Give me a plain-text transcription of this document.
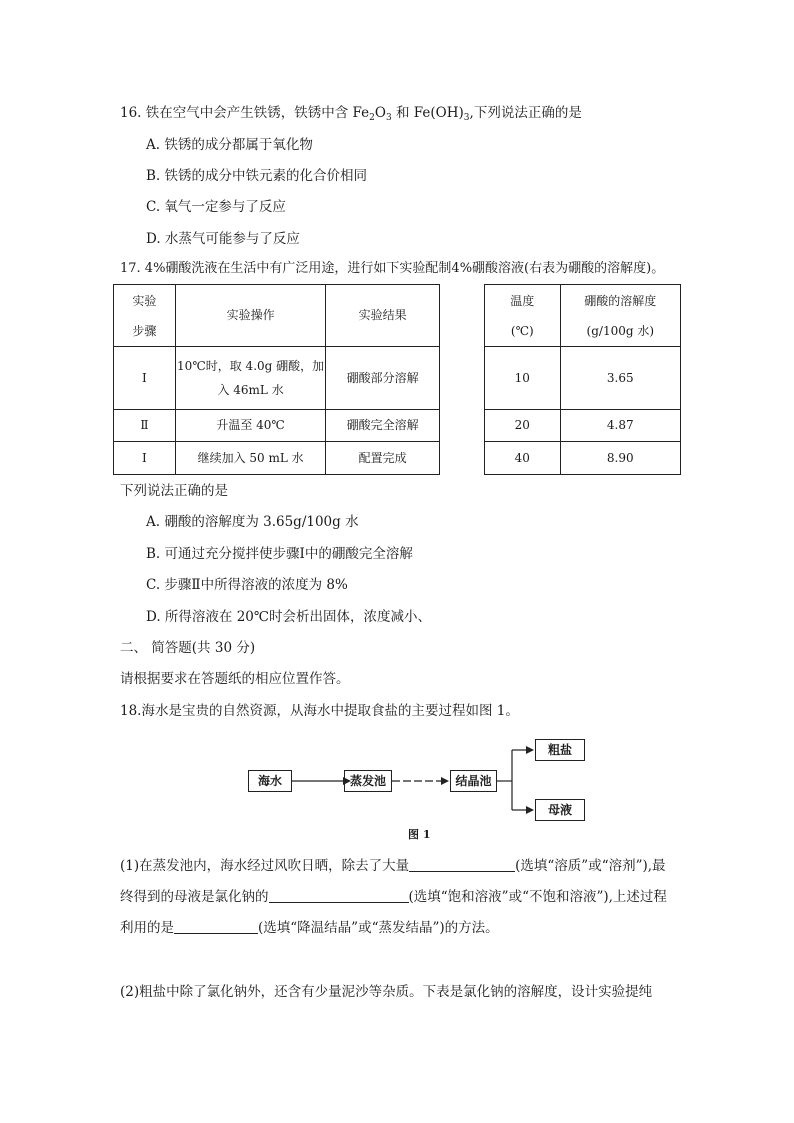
16. 铁在空气中会产生铁锈，铁锈中含 $Fe_2O_3$ 和 $Fe(OH)_3$,下列说法正确的是
A. 铁锈的成分都属于氧化物
B. 铁锈的成分中铁元素的化合价相同
C. 氧气一定参与了反应
D. 水蒸气可能参与了反应
17. 4%硼酸洗液在生活中有广泛用途，进行如下实验配制4%硼酸溶液(右表为硼酸的溶解度)。
实验
步骤	实验操作	实验结果
Ⅰ	10℃时，取 4.0g 硼酸，加
入 46mL 水	硼酸部分溶解
Ⅱ	升温至 40℃	硼酸完全溶解
Ⅰ	继续加入 50 mL 水	配置完成
温度
(℃)	硼酸的溶解度
(g/100g 水)
10	3.65
20	4.87
40	8.90
下列说法正确的是
A. 硼酸的溶解度为 3.65g/100g 水
B. 可通过充分搅拌使步骤Ⅰ中的硼酸完全溶解
C. 步骤Ⅱ中所得溶液的浓度为 8%
D. 所得溶液在 20℃时会析出固体，浓度减小、
二、 简答题(共 30 分)
请根据要求在答题纸的相应位置作答。
18.海水是宝贵的自然资源，从海水中提取食盐的主要过程如图 1。
海水	蒸发池	结晶池
粗盐
母液
图 1
(1)在蒸发池内，海水经过风吹日晒，除去了大量	(选填“溶质”或“溶剂”),最
终得到的母液是氯化钠的	(选填“饱和溶液”或“不饱和溶液”),上述过程
利用的是	(选填“降温结晶”或“蒸发结晶”)的方法。
(2)粗盐中除了氯化钠外，还含有少量泥沙等杂质。下表是氯化钠的溶解度，设计实验提纯
